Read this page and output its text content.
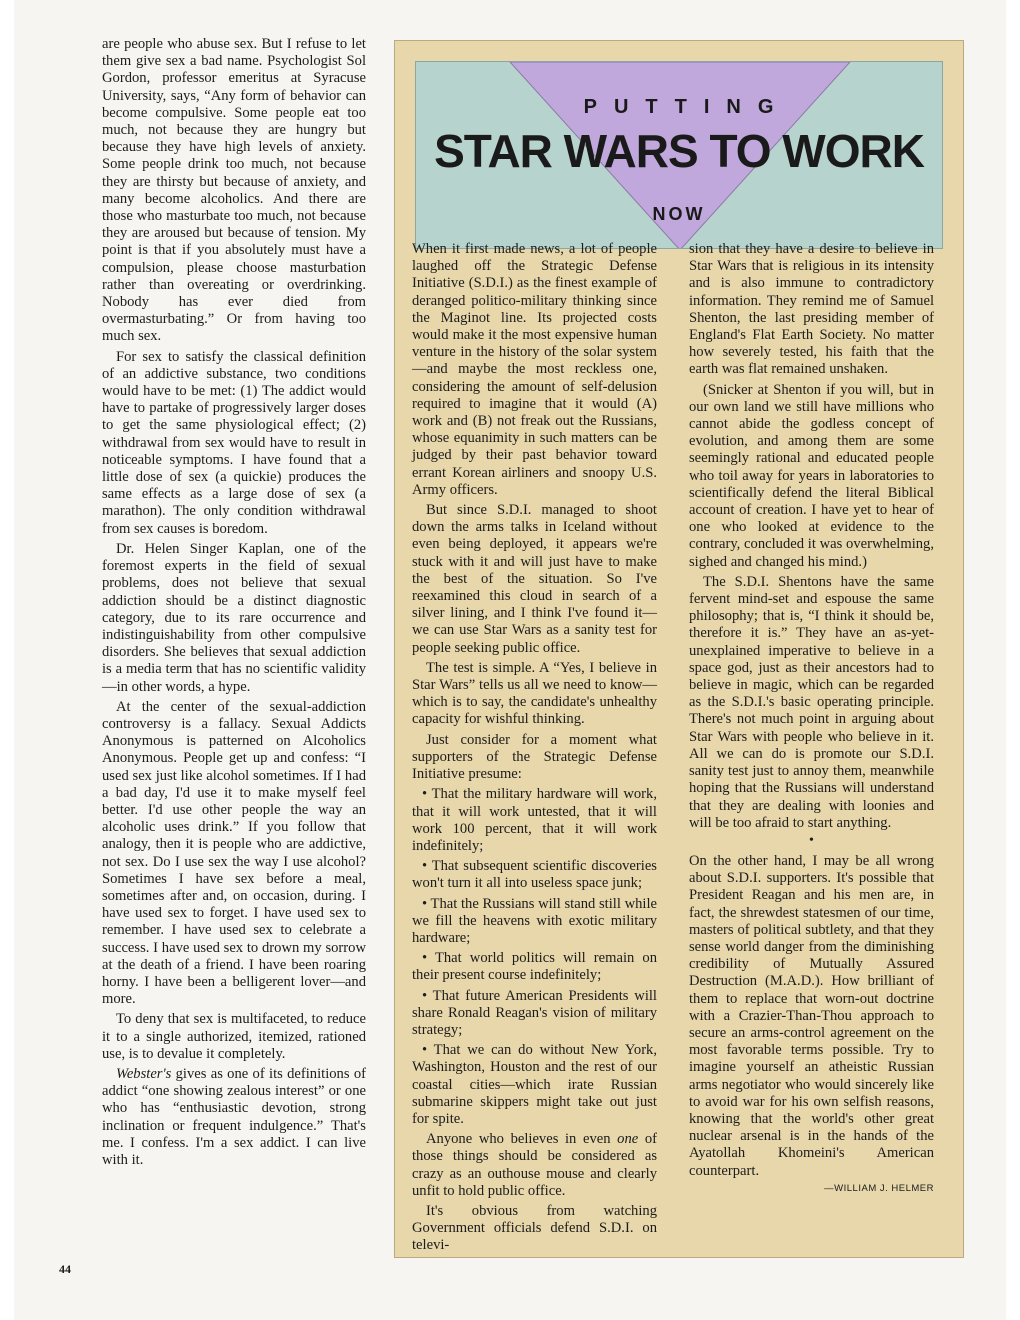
are people who abuse sex. But I refuse to let them give sex a bad name. Psychologist Sol Gordon, professor emeritus at Syracuse University, says, “Any form of behavior can become compulsive. Some people eat too much, not because they are hungry but because they have high levels of anxiety. Some people drink too much, not because they are thirsty but because of anxiety, and many become alcoholics. And there are those who masturbate too much, not because they are aroused but because of tension. My point is that if you absolutely must have a compulsion, please choose masturbation rather than overeating or overdrinking. Nobody has ever died from overmasturbating.” Or from having too much sex.

For sex to satisfy the classical definition of an addictive substance, two conditions would have to be met: (1) The addict would have to partake of progressively larger doses to get the same physiological effect; (2) withdrawal from sex would have to result in noticeable symptoms. I have found that a little dose of sex (a quickie) produces the same effects as a large dose of sex (a marathon). The only condition withdrawal from sex causes is boredom.

Dr. Helen Singer Kaplan, one of the foremost experts in the field of sexual problems, does not believe that sexual addiction should be a distinct diagnostic category, due to its rare occurrence and indistinguishability from other compulsive disorders. She believes that sexual addiction is a media term that has no scientific validity—in other words, a hype.

At the center of the sexual-addiction controversy is a fallacy. Sexual Addicts Anonymous is patterned on Alcoholics Anonymous. People get up and confess: “I used sex just like alcohol sometimes. If I had a bad day, I'd use it to make myself feel better. I'd use other people the way an alcoholic uses drink.” If you follow that analogy, then it is people who are addictive, not sex. Do I use sex the way I use alcohol? Sometimes I have sex before a meal, sometimes after and, on occasion, during. I have used sex to forget. I have used sex to remember. I have used sex to celebrate a success. I have used sex to drown my sorrow at the death of a friend. I have been roaring horny. I have been a belligerent lover—and more.

To deny that sex is multifaceted, to reduce it to a single authorized, itemized, rationed use, is to devalue it completely.

Webster's gives as one of its definitions of addict “one showing zealous interest” or one who has “enthusiastic devotion, strong inclination or frequent indulgence.” That's me. I confess. I'm a sex addict. I can live with it.

PUTTING
STAR WARS TO WORK
NOW

When it first made news, a lot of people laughed off the Strategic Defense Initiative (S.D.I.) as the finest example of deranged politico-military thinking since the Maginot line. Its projected costs would make it the most expensive human venture in the history of the solar system—and maybe the most reckless one, considering the amount of self-delusion required to imagine that it would (A) work and (B) not freak out the Russians, whose equanimity in such matters can be judged by their past behavior toward errant Korean airliners and snoopy U.S. Army officers.

But since S.D.I. managed to shoot down the arms talks in Iceland without even being deployed, it appears we're stuck with it and will just have to make the best of the situation. So I've reexamined this cloud in search of a silver lining, and I think I've found it—we can use Star Wars as a sanity test for people seeking public office.

The test is simple. A “Yes, I believe in Star Wars” tells us all we need to know—which is to say, the candidate's unhealthy capacity for wishful thinking.

Just consider for a moment what supporters of the Strategic Defense Initiative presume:

• That the military hardware will work, that it will work untested, that it will work 100 percent, that it will work indefinitely;

• That subsequent scientific discoveries won't turn it all into useless space junk;

• That the Russians will stand still while we fill the heavens with exotic military hardware;

• That world politics will remain on their present course indefinitely;

• That future American Presidents will share Ronald Reagan's vision of military strategy;

• That we can do without New York, Washington, Houston and the rest of our coastal cities—which irate Russian submarine skippers might take out just for spite.

Anyone who believes in even one of those things should be considered as crazy as an outhouse mouse and clearly unfit to hold public office.

It's obvious from watching Government officials defend S.D.I. on televi-

sion that they have a desire to believe in Star Wars that is religious in its intensity and is also immune to contradictory information. They remind me of Samuel Shenton, the last presiding member of England's Flat Earth Society. No matter how severely tested, his faith that the earth was flat remained unshaken.

(Snicker at Shenton if you will, but in our own land we still have millions who cannot abide the godless concept of evolution, and among them are some seemingly rational and educated people who toil away for years in laboratories to scientifically defend the literal Biblical account of creation. I have yet to hear of one who looked at evidence to the contrary, concluded it was overwhelming, sighed and changed his mind.)

The S.D.I. Shentons have the same fervent mind-set and espouse the same philosophy; that is, “I think it should be, therefore it is.” They have an as-yet-unexplained imperative to believe in a space god, just as their ancestors had to believe in magic, which can be regarded as the S.D.I.'s basic operating principle. There's not much point in arguing about Star Wars with people who believe in it. All we can do is promote our S.D.I. sanity test just to annoy them, meanwhile hoping that the Russians will understand that they are dealing with loonies and will be too afraid to start anything.

•

On the other hand, I may be all wrong about S.D.I. supporters. It's possible that President Reagan and his men are, in fact, the shrewdest statesmen of our time, masters of political subtlety, and that they sense world danger from the diminishing credibility of Mutually Assured Destruction (M.A.D.). How brilliant of them to replace that worn-out doctrine with a Crazier-Than-Thou approach to secure an arms-control agreement on the most favorable terms possible. Try to imagine yourself an atheistic Russian arms negotiator who would sincerely like to avoid war for his own selfish reasons, knowing that the world's other great nuclear arsenal is in the hands of the Ayatollah Khomeini's American counterpart.

—WILLIAM J. HELMER
44
